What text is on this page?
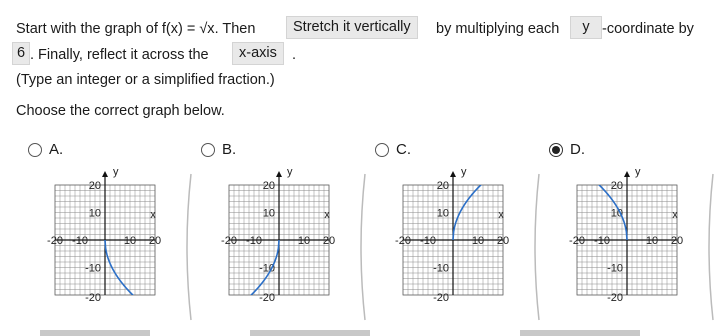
Start with the graph of f(x) = √x. Then	Stretch it vertically	by multiplying each	y -coordinate by
6 . Finally, reflect it across the	x-axis	.
(Type an integer or a simplified fraction.)
Choose the correct graph below.
A.	B.	C.	D.
y
x
20
10
-10
-20
-20 -10	10 20
y
x
20
10
-10
-20
-20 -10	10 20
y
x
20
10
-10
-20
-20 -10	10 20
y
x
20
10
-10
-20
-20 -10	10 20
